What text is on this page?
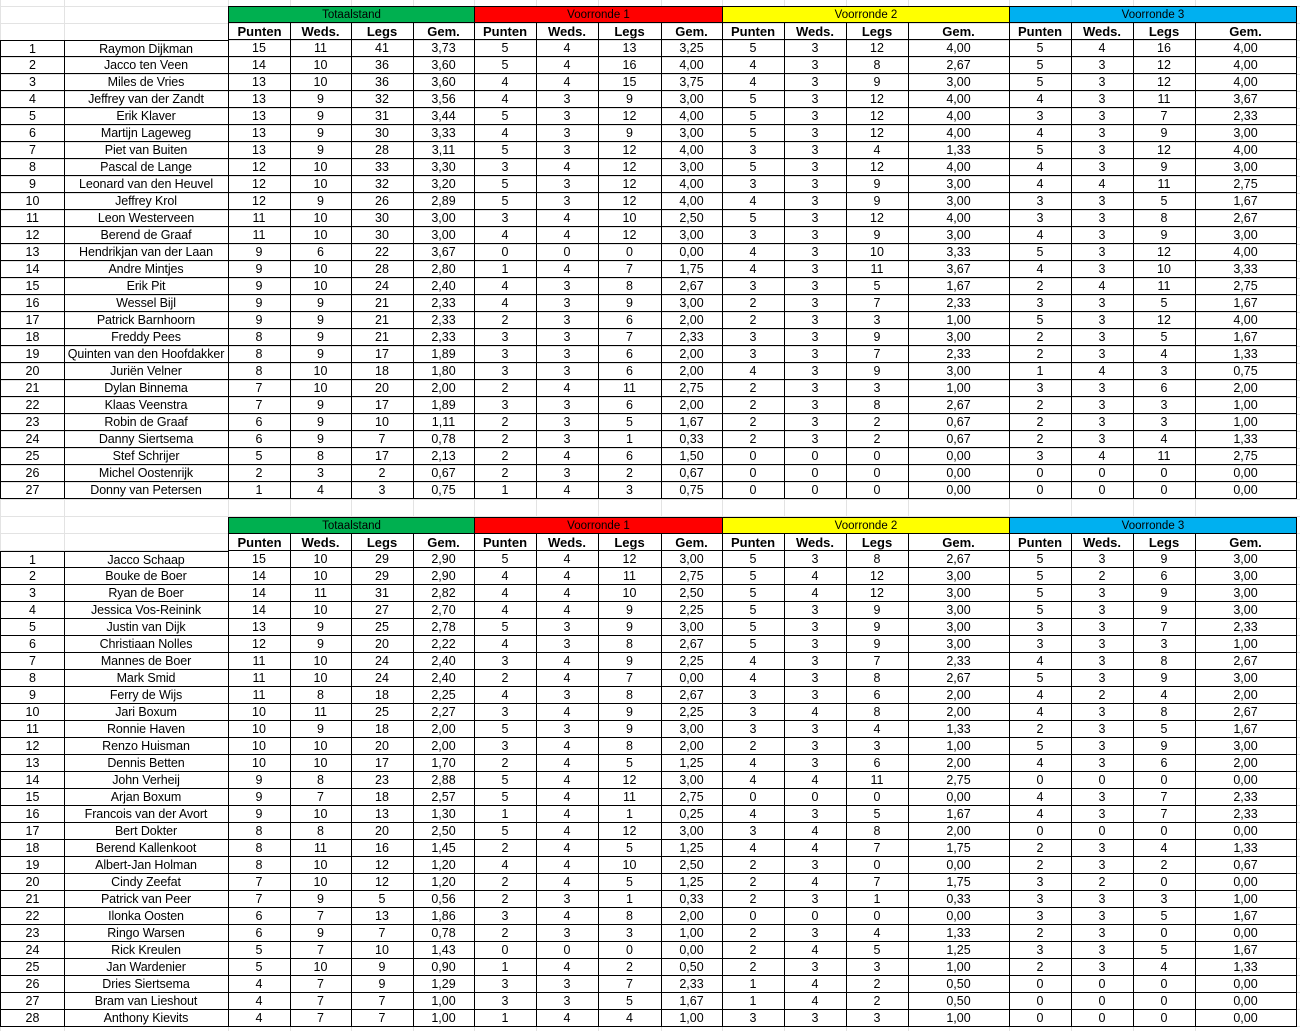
Totaalstand	Voorronde 1	Voorronde 2	Voorronde 3
Punten	Weds.	Legs	Gem.	Punten	Weds.	Legs	Gem.	Punten	Weds.	Legs	Gem.	Punten	Weds.	Legs	Gem.
1	Raymon Dijkman	15	11	41	3,73	5	4	13	3,25	5	3	12	4,00	5	4	16	4,00
2	Jacco ten Veen	14	10	36	3,60	5	4	16	4,00	4	3	8	2,67	5	3	12	4,00
3	Miles de Vries	13	10	36	3,60	4	4	15	3,75	4	3	9	3,00	5	3	12	4,00
4	Jeffrey van der Zandt	13	9	32	3,56	4	3	9	3,00	5	3	12	4,00	4	3	11	3,67
5	Erik Klaver	13	9	31	3,44	5	3	12	4,00	5	3	12	4,00	3	3	7	2,33
6	Martijn Lageweg	13	9	30	3,33	4	3	9	3,00	5	3	12	4,00	4	3	9	3,00
7	Piet van Buiten	13	9	28	3,11	5	3	12	4,00	3	3	4	1,33	5	3	12	4,00
8	Pascal de Lange	12	10	33	3,30	3	4	12	3,00	5	3	12	4,00	4	3	9	3,00
9	Leonard van den Heuvel	12	10	32	3,20	5	3	12	4,00	3	3	9	3,00	4	4	11	2,75
10	Jeffrey Krol	12	9	26	2,89	5	3	12	4,00	4	3	9	3,00	3	3	5	1,67
11	Leon Westerveen	11	10	30	3,00	3	4	10	2,50	5	3	12	4,00	3	3	8	2,67
12	Berend de Graaf	11	10	30	3,00	4	4	12	3,00	3	3	9	3,00	4	3	9	3,00
13	Hendrikjan van der Laan	9	6	22	3,67	0	0	0	0,00	4	3	10	3,33	5	3	12	4,00
14	Andre Mintjes	9	10	28	2,80	1	4	7	1,75	4	3	11	3,67	4	3	10	3,33
15	Erik Pit	9	10	24	2,40	4	3	8	2,67	3	3	5	1,67	2	4	11	2,75
16	Wessel Bijl	9	9	21	2,33	4	3	9	3,00	2	3	7	2,33	3	3	5	1,67
17	Patrick Barnhoorn	9	9	21	2,33	2	3	6	2,00	2	3	3	1,00	5	3	12	4,00
18	Freddy Pees	8	9	21	2,33	3	3	7	2,33	3	3	9	3,00	2	3	5	1,67
19	Quinten van den Hoofdakker	8	9	17	1,89	3	3	6	2,00	3	3	7	2,33	2	3	4	1,33
20	Juriën Velner	8	10	18	1,80	3	3	6	2,00	4	3	9	3,00	1	4	3	0,75
21	Dylan Binnema	7	10	20	2,00	2	4	11	2,75	2	3	3	1,00	3	3	6	2,00
22	Klaas Veenstra	7	9	17	1,89	3	3	6	2,00	2	3	8	2,67	2	3	3	1,00
23	Robin de Graaf	6	9	10	1,11	2	3	5	1,67	2	3	2	0,67	2	3	3	1,00
24	Danny Siertsema	6	9	7	0,78	2	3	1	0,33	2	3	2	0,67	2	3	4	1,33
25	Stef Schrijer	5	8	17	2,13	2	4	6	1,50	0	0	0	0,00	3	4	11	2,75
26	Michel Oostenrijk	2	3	2	0,67	2	3	2	0,67	0	0	0	0,00	0	0	0	0,00
27	Donny van Petersen	1	4	3	0,75	1	4	3	0,75	0	0	0	0,00	0	0	0	0,00
Totaalstand	Voorronde 1	Voorronde 2	Voorronde 3
Punten	Weds.	Legs	Gem.	Punten	Weds.	Legs	Gem.	Punten	Weds.	Legs	Gem.	Punten	Weds.	Legs	Gem.
1	Jacco Schaap	15	10	29	2,90	5	4	12	3,00	5	3	8	2,67	5	3	9	3,00
2	Bouke de Boer	14	10	29	2,90	4	4	11	2,75	5	4	12	3,00	5	2	6	3,00
3	Ryan de Boer	14	11	31	2,82	4	4	10	2,50	5	4	12	3,00	5	3	9	3,00
4	Jessica Vos-Reinink	14	10	27	2,70	4	4	9	2,25	5	3	9	3,00	5	3	9	3,00
5	Justin van Dijk	13	9	25	2,78	5	3	9	3,00	5	3	9	3,00	3	3	7	2,33
6	Christiaan Nolles	12	9	20	2,22	4	3	8	2,67	5	3	9	3,00	3	3	3	1,00
7	Mannes de Boer	11	10	24	2,40	3	4	9	2,25	4	3	7	2,33	4	3	8	2,67
8	Mark Smid	11	10	24	2,40	2	4	7	0,00	4	3	8	2,67	5	3	9	3,00
9	Ferry de Wijs	11	8	18	2,25	4	3	8	2,67	3	3	6	2,00	4	2	4	2,00
10	Jari Boxum	10	11	25	2,27	3	4	9	2,25	3	4	8	2,00	4	3	8	2,67
11	Ronnie Haven	10	9	18	2,00	5	3	9	3,00	3	3	4	1,33	2	3	5	1,67
12	Renzo Huisman	10	10	20	2,00	3	4	8	2,00	2	3	3	1,00	5	3	9	3,00
13	Dennis Betten	10	10	17	1,70	2	4	5	1,25	4	3	6	2,00	4	3	6	2,00
14	John Verheij	9	8	23	2,88	5	4	12	3,00	4	4	11	2,75	0	0	0	0,00
15	Arjan Boxum	9	7	18	2,57	5	4	11	2,75	0	0	0	0,00	4	3	7	2,33
16	Francois van der Avort	9	10	13	1,30	1	4	1	0,25	4	3	5	1,67	4	3	7	2,33
17	Bert Dokter	8	8	20	2,50	5	4	12	3,00	3	4	8	2,00	0	0	0	0,00
18	Berend Kallenkoot	8	11	16	1,45	2	4	5	1,25	4	4	7	1,75	2	3	4	1,33
19	Albert-Jan Holman	8	10	12	1,20	4	4	10	2,50	2	3	0	0,00	2	3	2	0,67
20	Cindy Zeefat	7	10	12	1,20	2	4	5	1,25	2	4	7	1,75	3	2	0	0,00
21	Patrick van Peer	7	9	5	0,56	2	3	1	0,33	2	3	1	0,33	3	3	3	1,00
22	Ilonka Oosten	6	7	13	1,86	3	4	8	2,00	0	0	0	0,00	3	3	5	1,67
23	Ringo Warsen	6	9	7	0,78	2	3	3	1,00	2	3	4	1,33	2	3	0	0,00
24	Rick Kreulen	5	7	10	1,43	0	0	0	0,00	2	4	5	1,25	3	3	5	1,67
25	Jan Wardenier	5	10	9	0,90	1	4	2	0,50	2	3	3	1,00	2	3	4	1,33
26	Dries Siertsema	4	7	9	1,29	3	3	7	2,33	1	4	2	0,50	0	0	0	0,00
27	Bram van Lieshout	4	7	7	1,00	3	3	5	1,67	1	4	2	0,50	0	0	0	0,00
28	Anthony Kievits	4	7	7	1,00	1	4	4	1,00	3	3	3	1,00	0	0	0	0,00
